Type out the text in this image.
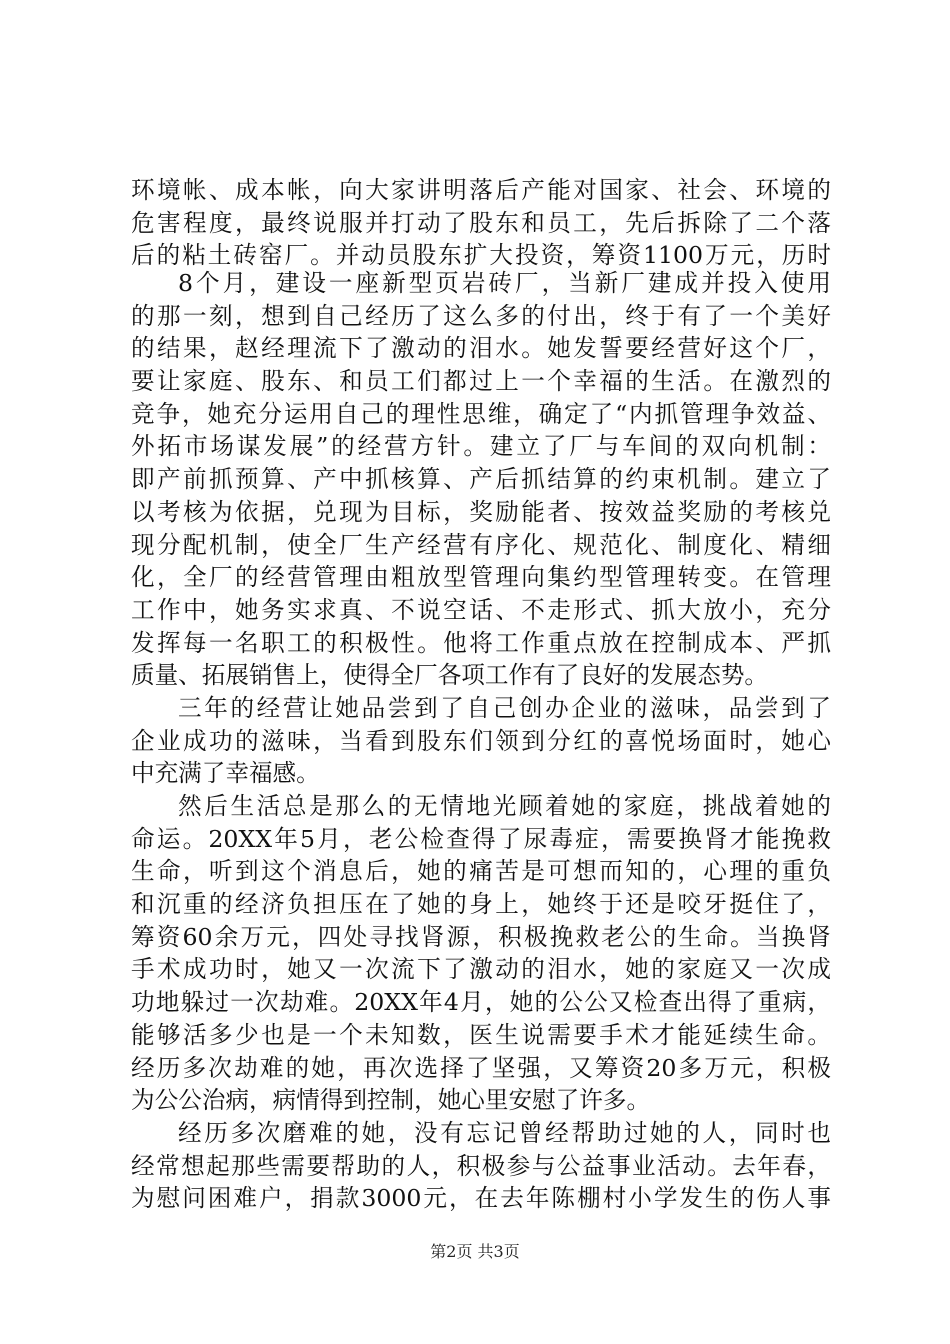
环境帐、成本帐，向大家讲明落后产能对国家、社会、环境的
危害程度，最终说服并打动了股东和员工，先后拆除了二个落
后的粘土砖窑厂。并动员股东扩大投资，筹资1100万元，历时
8个月，建设一座新型页岩砖厂，当新厂建成并投入使用
的那一刻，想到自己经历了这么多的付出，终于有了一个美好
的结果，赵经理流下了激动的泪水。她发誓要经营好这个厂，
要让家庭、股东、和员工们都过上一个幸福的生活。在激烈的
竞争，她充分运用自己的理性思维，确定了“内抓管理争效益、
外拓市场谋发展”的经营方针。建立了厂与车间的双向机制：
即产前抓预算、产中抓核算、产后抓结算的约束机制。建立了
以考核为依据，兑现为目标，奖励能者、按效益奖励的考核兑
现分配机制，使全厂生产经营有序化、规范化、制度化、精细
化，全厂的经营管理由粗放型管理向集约型管理转变。在管理
工作中，她务实求真、不说空话、不走形式、抓大放小，充分
发挥每一名职工的积极性。他将工作重点放在控制成本、严抓
质量、拓展销售上，使得全厂各项工作有了良好的发展态势。
三年的经营让她品尝到了自己创办企业的滋味，品尝到了
企业成功的滋味，当看到股东们领到分红的喜悦场面时，她心
中充满了幸福感。
然后生活总是那么的无情地光顾着她的家庭，挑战着她的
命运。20XX年5月，老公检查得了尿毒症，需要换肾才能挽救
生命，听到这个消息后，她的痛苦是可想而知的，心理的重负
和沉重的经济负担压在了她的身上，她终于还是咬牙挺住了，
筹资60余万元，四处寻找肾源，积极挽救老公的生命。当换肾
手术成功时，她又一次流下了激动的泪水，她的家庭又一次成
功地躲过一次劫难。20XX年4月，她的公公又检查出得了重病，
能够活多少也是一个未知数，医生说需要手术才能延续生命。
经历多次劫难的她，再次选择了坚强，又筹资20多万元，积极
为公公治病，病情得到控制，她心里安慰了许多。
经历多次磨难的她，没有忘记曾经帮助过她的人，同时也
经常想起那些需要帮助的人，积极参与公益事业活动。去年春，
为慰问困难户，捐款3000元，在去年陈棚村小学发生的伤人事
第2页 共3页
